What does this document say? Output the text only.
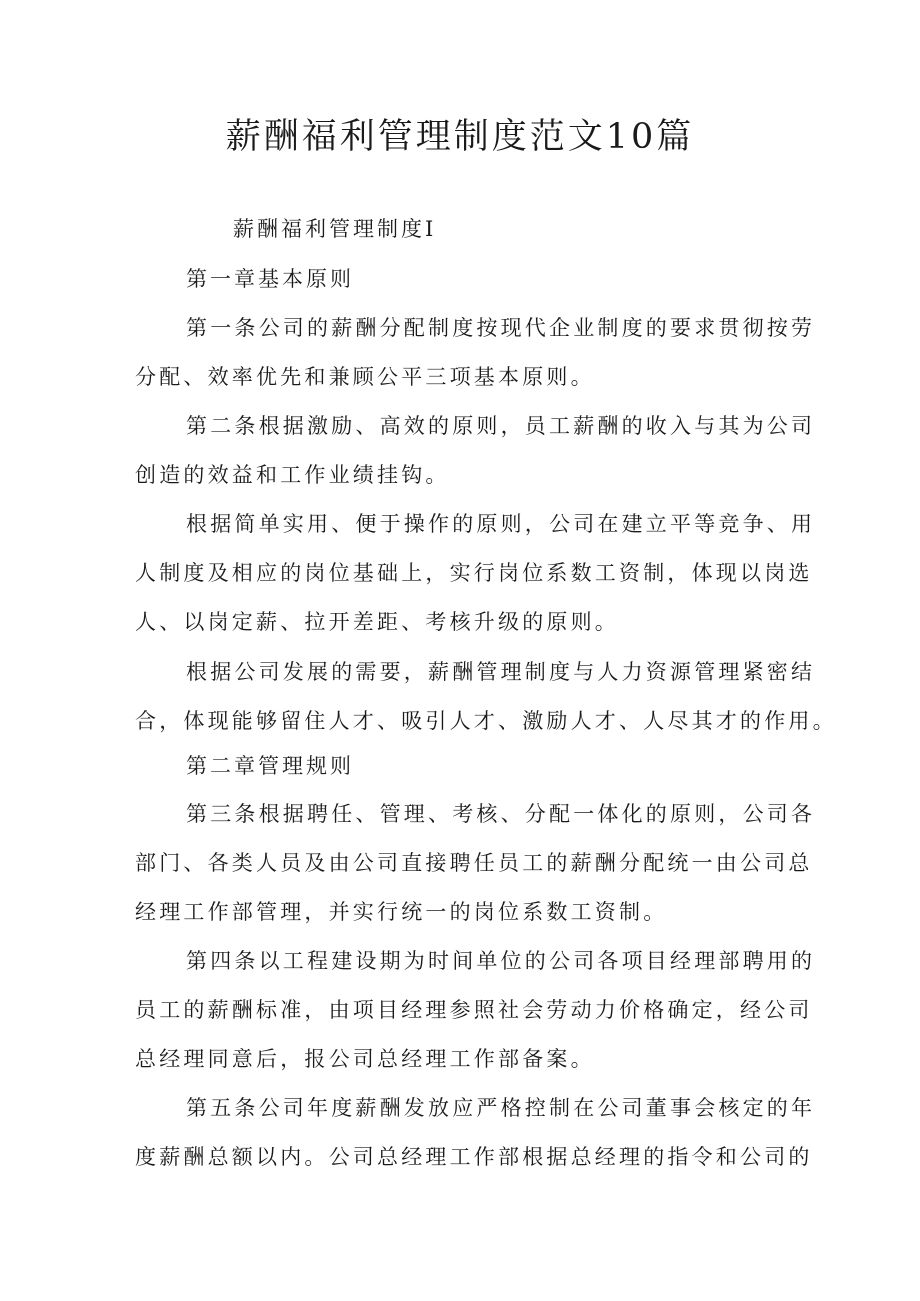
薪酬福利管理制度范文10篇

薪酬福利管理制度Ⅰ

第一章基本原则

第一条公司的薪酬分配制度按现代企业制度的要求贯彻按劳
分配、效率优先和兼顾公平三项基本原则。
第二条根据激励、高效的原则，员工薪酬的收入与其为公司
创造的效益和工作业绩挂钩。
根据简单实用、便于操作的原则，公司在建立平等竞争、用
人制度及相应的岗位基础上，实行岗位系数工资制，体现以岗选
人、以岗定薪、拉开差距、考核升级的原则。
根据公司发展的需要，薪酬管理制度与人力资源管理紧密结
合，体现能够留住人才、吸引人才、激励人才、人尽其才的作用。

第二章管理规则

第三条根据聘任、管理、考核、分配一体化的原则，公司各
部门、各类人员及由公司直接聘任员工的薪酬分配统一由公司总
经理工作部管理，并实行统一的岗位系数工资制。
第四条以工程建设期为时间单位的公司各项目经理部聘用的
员工的薪酬标准，由项目经理参照社会劳动力价格确定，经公司
总经理同意后，报公司总经理工作部备案。
第五条公司年度薪酬发放应严格控制在公司董事会核定的年
度薪酬总额以内。公司总经理工作部根据总经理的指令和公司的
